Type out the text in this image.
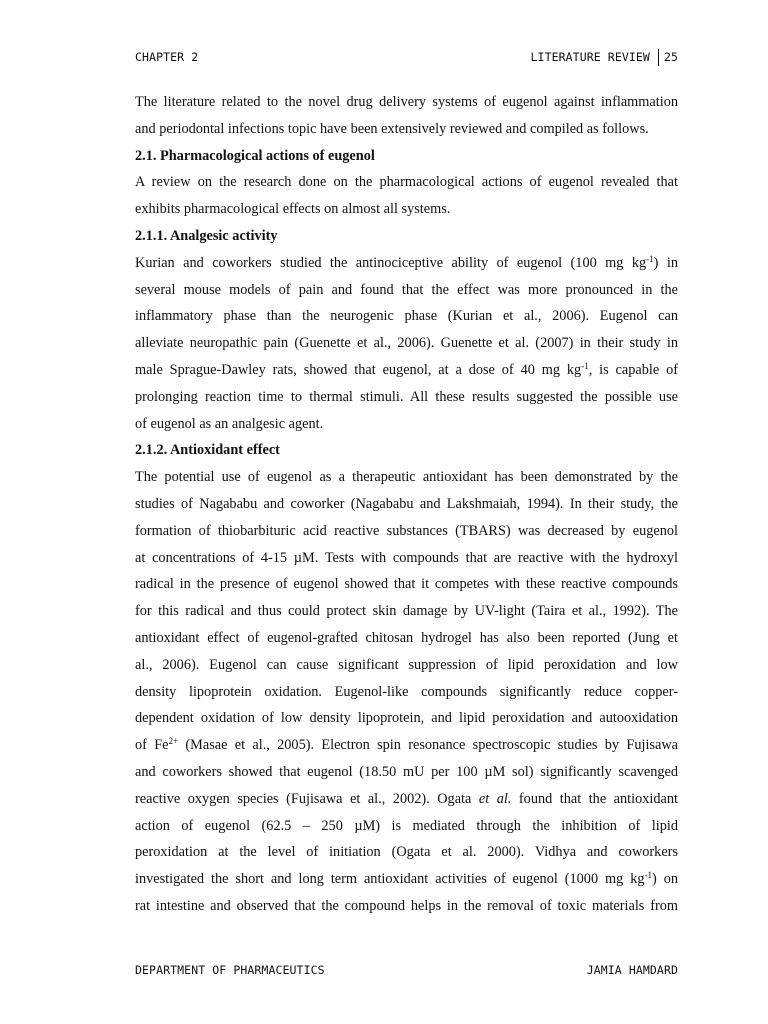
CHAPTER 2	LITERATURE REVIEW 25

The literature related to the novel drug delivery systems of eugenol against inflammation
and periodontal infections topic have been extensively reviewed and compiled as follows.

2.1. Pharmacological actions of eugenol

A review on the research done on the pharmacological actions of eugenol revealed that
exhibits pharmacological effects on almost all systems.

2.1.1. Analgesic activity

Kurian and coworkers studied the antinociceptive ability of eugenol (100 mg $kg^{-1}$) in
several mouse models of pain and found that the effect was more pronounced in the
inflammatory phase than the neurogenic phase (Kurian et al., 2006). Eugenol can
alleviate neuropathic pain (Guenette et al., 2006). Guenette et al. (2007) in their study in
male Sprague-Dawley rats, showed that eugenol, at a dose of 40 mg $kg^{-1}$, is capable of
prolonging reaction time to thermal stimuli. All these results suggested the possible use
of eugenol as an analgesic agent.

2.1.2. Antioxidant effect

The potential use of eugenol as a therapeutic antioxidant has been demonstrated by the
studies of Nagababu and coworker (Nagababu and Lakshmaiah, 1994). In their study, the
formation of thiobarbituric acid reactive substances (TBARS) was decreased by eugenol
at concentrations of 4-15 µM. Tests with compounds that are reactive with the hydroxyl
radical in the presence of eugenol showed that it competes with these reactive compounds
for this radical and thus could protect skin damage by UV-light (Taira et al., 1992). The
antioxidant effect of eugenol-grafted chitosan hydrogel has also been reported (Jung et
al., 2006). Eugenol can cause significant suppression of lipid peroxidation and low
density lipoprotein oxidation. Eugenol-like compounds significantly reduce copper-
dependent oxidation of low density lipoprotein, and lipid peroxidation and autooxidation
of $Fe^{2+}$ (Masae et al., 2005). Electron spin resonance spectroscopic studies by Fujisawa
and coworkers showed that eugenol (18.50 mU per 100 µM sol) significantly scavenged
reactive oxygen species (Fujisawa et al., 2002). Ogata et al. found that the antioxidant
action of eugenol (62.5 – 250 µM) is mediated through the inhibition of lipid
peroxidation at the level of initiation (Ogata et al. 2000). Vidhya and coworkers
investigated the short and long term antioxidant activities of eugenol (1000 mg $kg^{-1}$) on
rat intestine and observed that the compound helps in the removal of toxic materials from

DEPARTMENT OF PHARMACEUTICS	JAMIA HAMDARD
